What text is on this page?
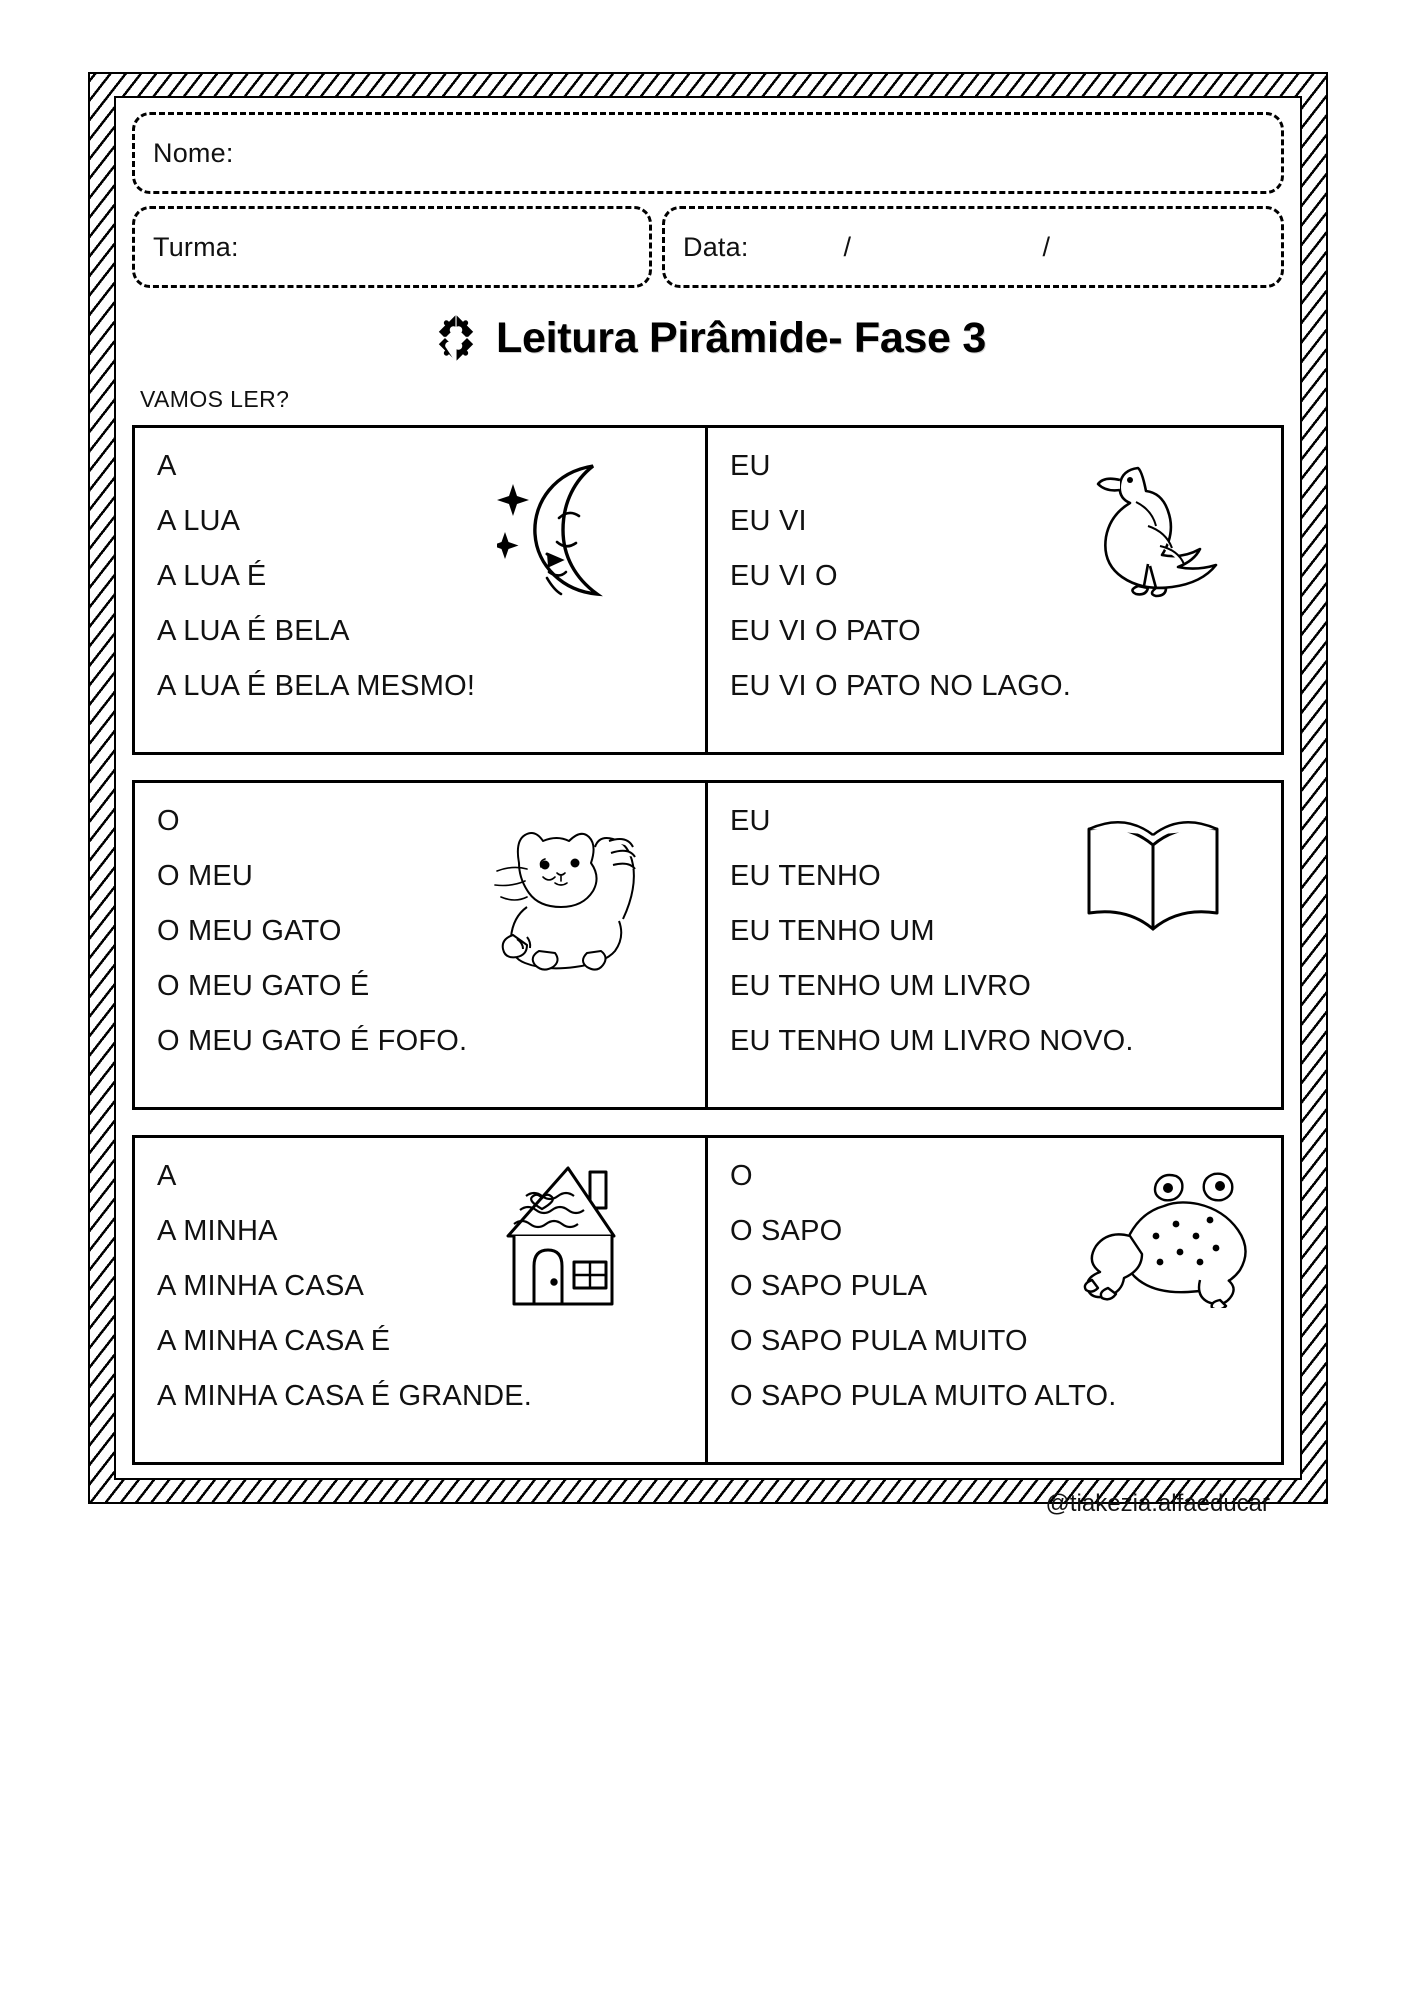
Nome:
Turma:	Data:	/ /
Leitura Pirâmide- Fase 3
VAMOS LER?
A
A LUA
A LUA É
A LUA É BELA
A LUA É BELA MESMO!
EU
EU VI
EU VI O
EU VI O PATO
EU VI O PATO NO LAGO.
O
O MEU
O MEU GATO
O MEU GATO É
O MEU GATO É FOFO.
EU
EU TENHO
EU TENHO UM
EU TENHO UM LIVRO
EU TENHO UM LIVRO NOVO.
A
A MINHA
A MINHA CASA
A MINHA CASA É
A MINHA CASA É GRANDE.
O
O SAPO
O SAPO PULA
O SAPO PULA MUITO
O SAPO PULA MUITO ALTO.
@tiakezia.alfaeducar
